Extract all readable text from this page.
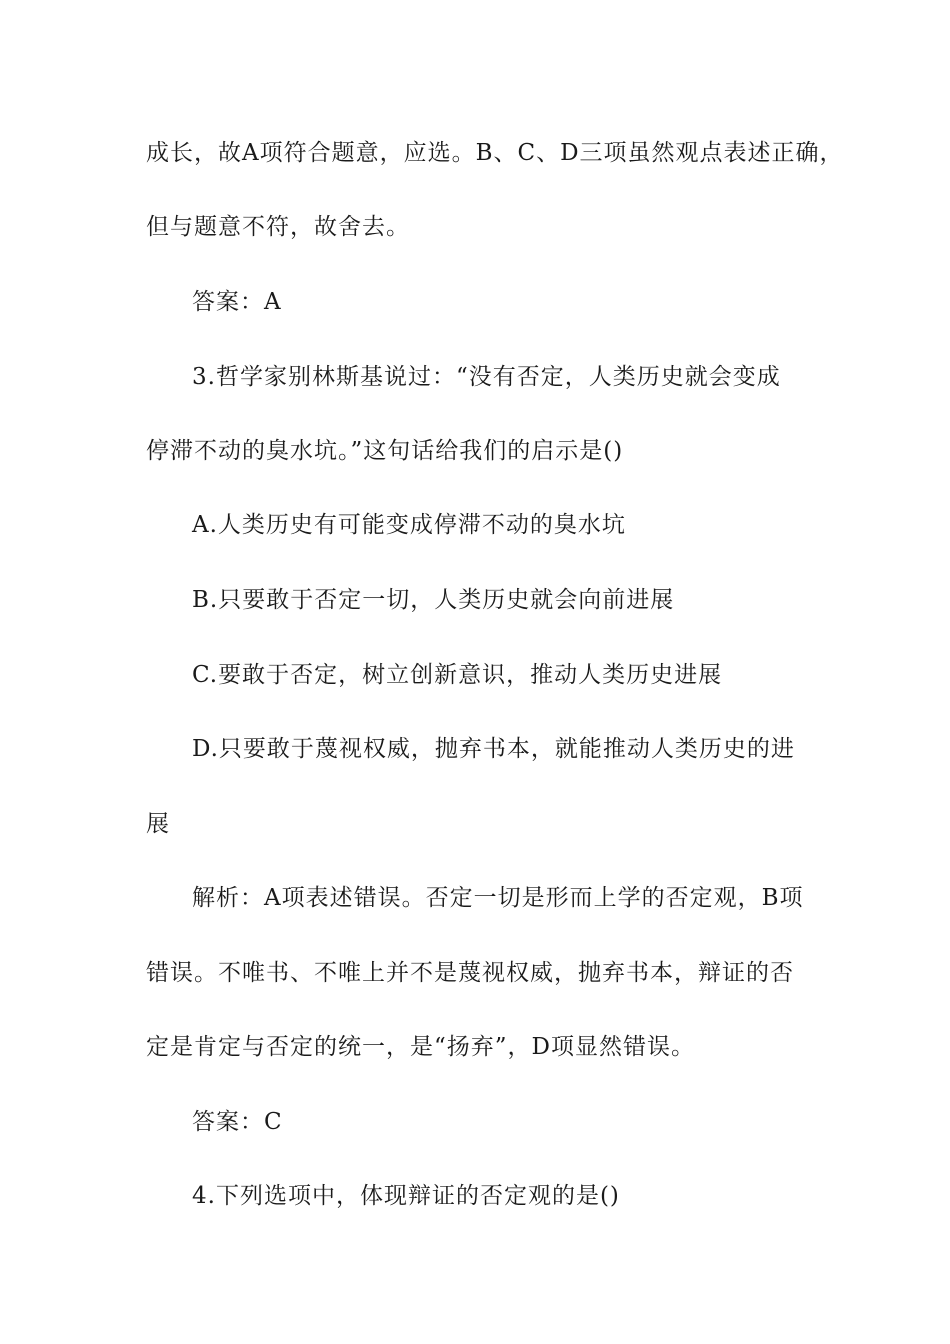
成长，故A项符合题意，应选。B、C、D三项虽然观点表述正确，
但与题意不符，故舍去。
答案：A
3.哲学家别林斯基说过：“没有否定，人类历史就会变成
停滞不动的臭水坑。”这句话给我们的启示是()
A.人类历史有可能变成停滞不动的臭水坑
B.只要敢于否定一切，人类历史就会向前进展
C.要敢于否定，树立创新意识，推动人类历史进展
D.只要敢于蔑视权威，抛弃书本，就能推动人类历史的进
展
解析：A项表述错误。否定一切是形而上学的否定观，B项
错误。不唯书、不唯上并不是蔑视权威，抛弃书本，辩证的否
定是肯定与否定的统一，是“扬弃”，D项显然错误。
答案：C
4.下列选项中，体现辩证的否定观的是()
